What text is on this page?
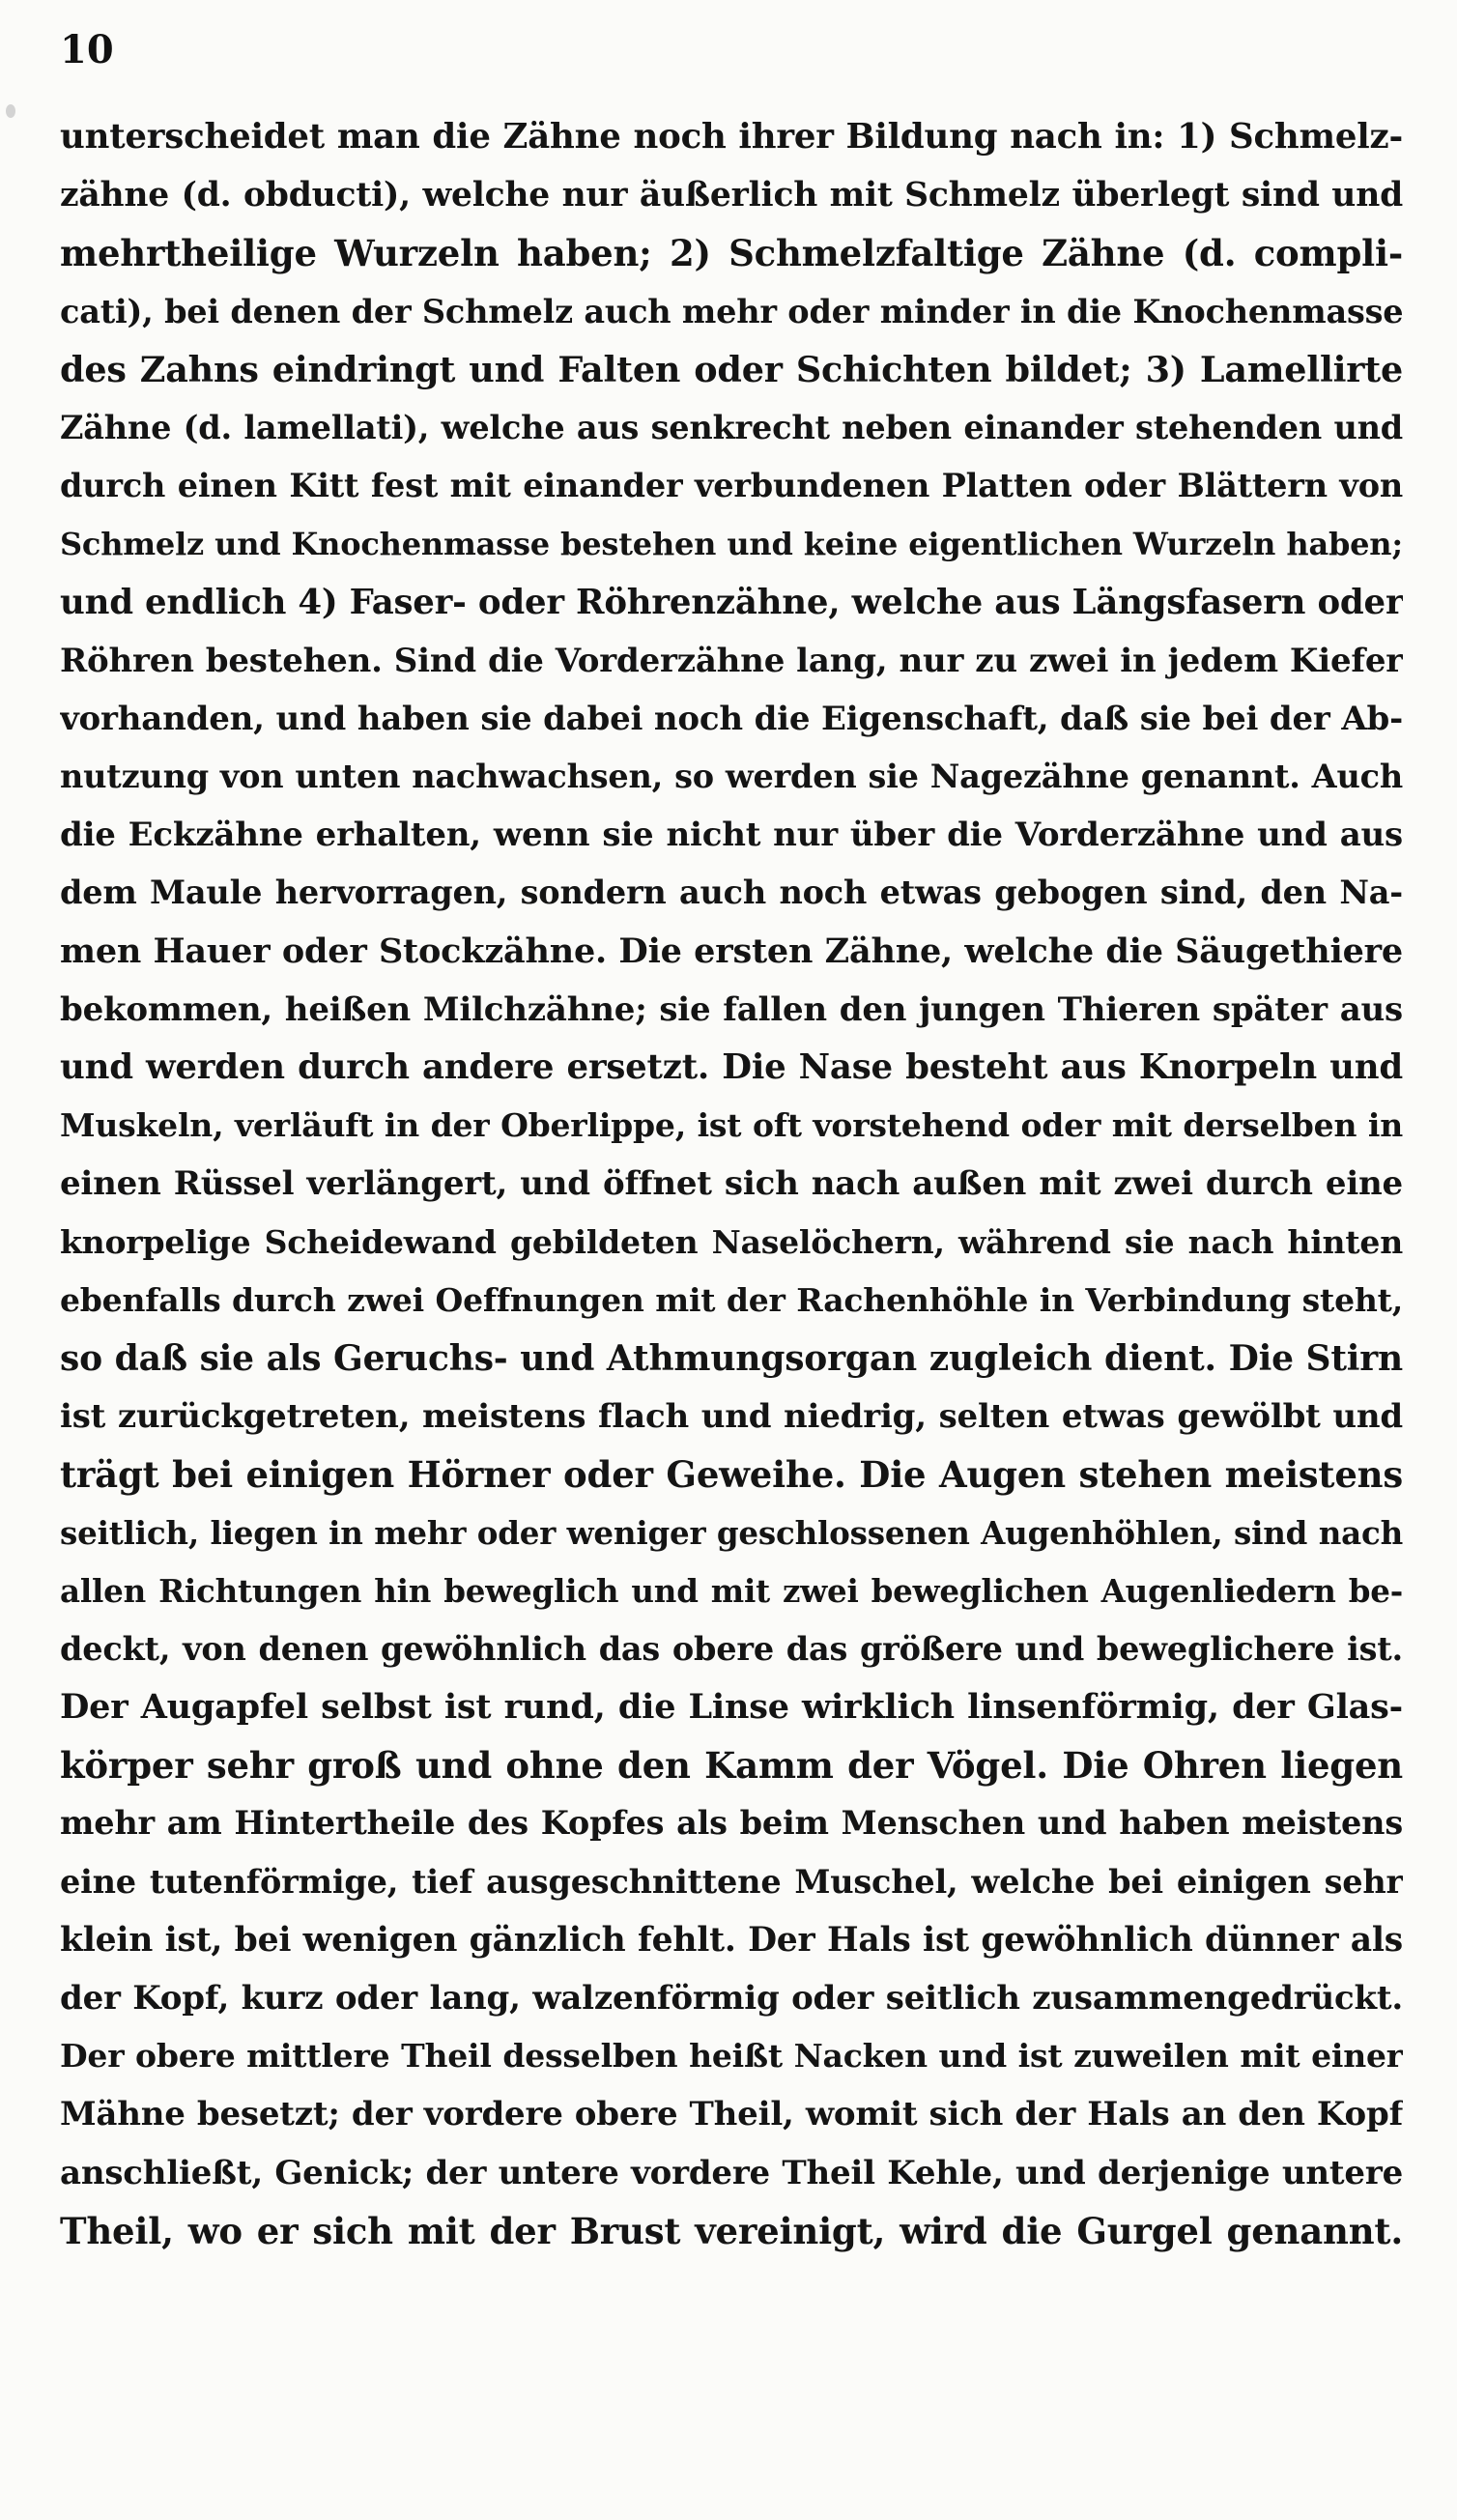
10
unterscheidet man die Zähne noch ihrer Bildung nach in: 1) Schmelz-
zähne (d. obducti), welche nur äußerlich mit Schmelz überlegt sind und
mehrtheilige Wurzeln haben; 2) Schmelzfaltige Zähne (d. compli-
cati), bei denen der Schmelz auch mehr oder minder in die Knochenmasse
des Zahns eindringt und Falten oder Schichten bildet; 3) Lamellirte
Zähne (d. lamellati), welche aus senkrecht neben einander stehenden und
durch einen Kitt fest mit einander verbundenen Platten oder Blättern von
Schmelz und Knochenmasse bestehen und keine eigentlichen Wurzeln haben;
und endlich 4) Faser- oder Röhrenzähne, welche aus Längsfasern oder
Röhren bestehen. Sind die Vorderzähne lang, nur zu zwei in jedem Kiefer
vorhanden, und haben sie dabei noch die Eigenschaft, daß sie bei der Ab-
nutzung von unten nachwachsen, so werden sie Nagezähne genannt. Auch
die Eckzähne erhalten, wenn sie nicht nur über die Vorderzähne und aus
dem Maule hervorragen, sondern auch noch etwas gebogen sind, den Na-
men Hauer oder Stockzähne. Die ersten Zähne, welche die Säugethiere
bekommen, heißen Milchzähne; sie fallen den jungen Thieren später aus
und werden durch andere ersetzt. Die Nase besteht aus Knorpeln und
Muskeln, verläuft in der Oberlippe, ist oft vorstehend oder mit derselben in
einen Rüssel verlängert, und öffnet sich nach außen mit zwei durch eine
knorpelige Scheidewand gebildeten Naselöchern, während sie nach hinten
ebenfalls durch zwei Oeffnungen mit der Rachenhöhle in Verbindung steht,
so daß sie als Geruchs- und Athmungsorgan zugleich dient. Die Stirn
ist zurückgetreten, meistens flach und niedrig, selten etwas gewölbt und
trägt bei einigen Hörner oder Geweihe. Die Augen stehen meistens
seitlich, liegen in mehr oder weniger geschlossenen Augenhöhlen, sind nach
allen Richtungen hin beweglich und mit zwei beweglichen Augenliedern be-
deckt, von denen gewöhnlich das obere das größere und beweglichere ist.
Der Augapfel selbst ist rund, die Linse wirklich linsenförmig, der Glas-
körper sehr groß und ohne den Kamm der Vögel. Die Ohren liegen
mehr am Hintertheile des Kopfes als beim Menschen und haben meistens
eine tutenförmige, tief ausgeschnittene Muschel, welche bei einigen sehr
klein ist, bei wenigen gänzlich fehlt. Der Hals ist gewöhnlich dünner als
der Kopf, kurz oder lang, walzenförmig oder seitlich zusammengedrückt.
Der obere mittlere Theil desselben heißt Nacken und ist zuweilen mit einer
Mähne besetzt; der vordere obere Theil, womit sich der Hals an den Kopf
anschließt, Genick; der untere vordere Theil Kehle, und derjenige untere
Theil, wo er sich mit der Brust vereinigt, wird die Gurgel genannt.
